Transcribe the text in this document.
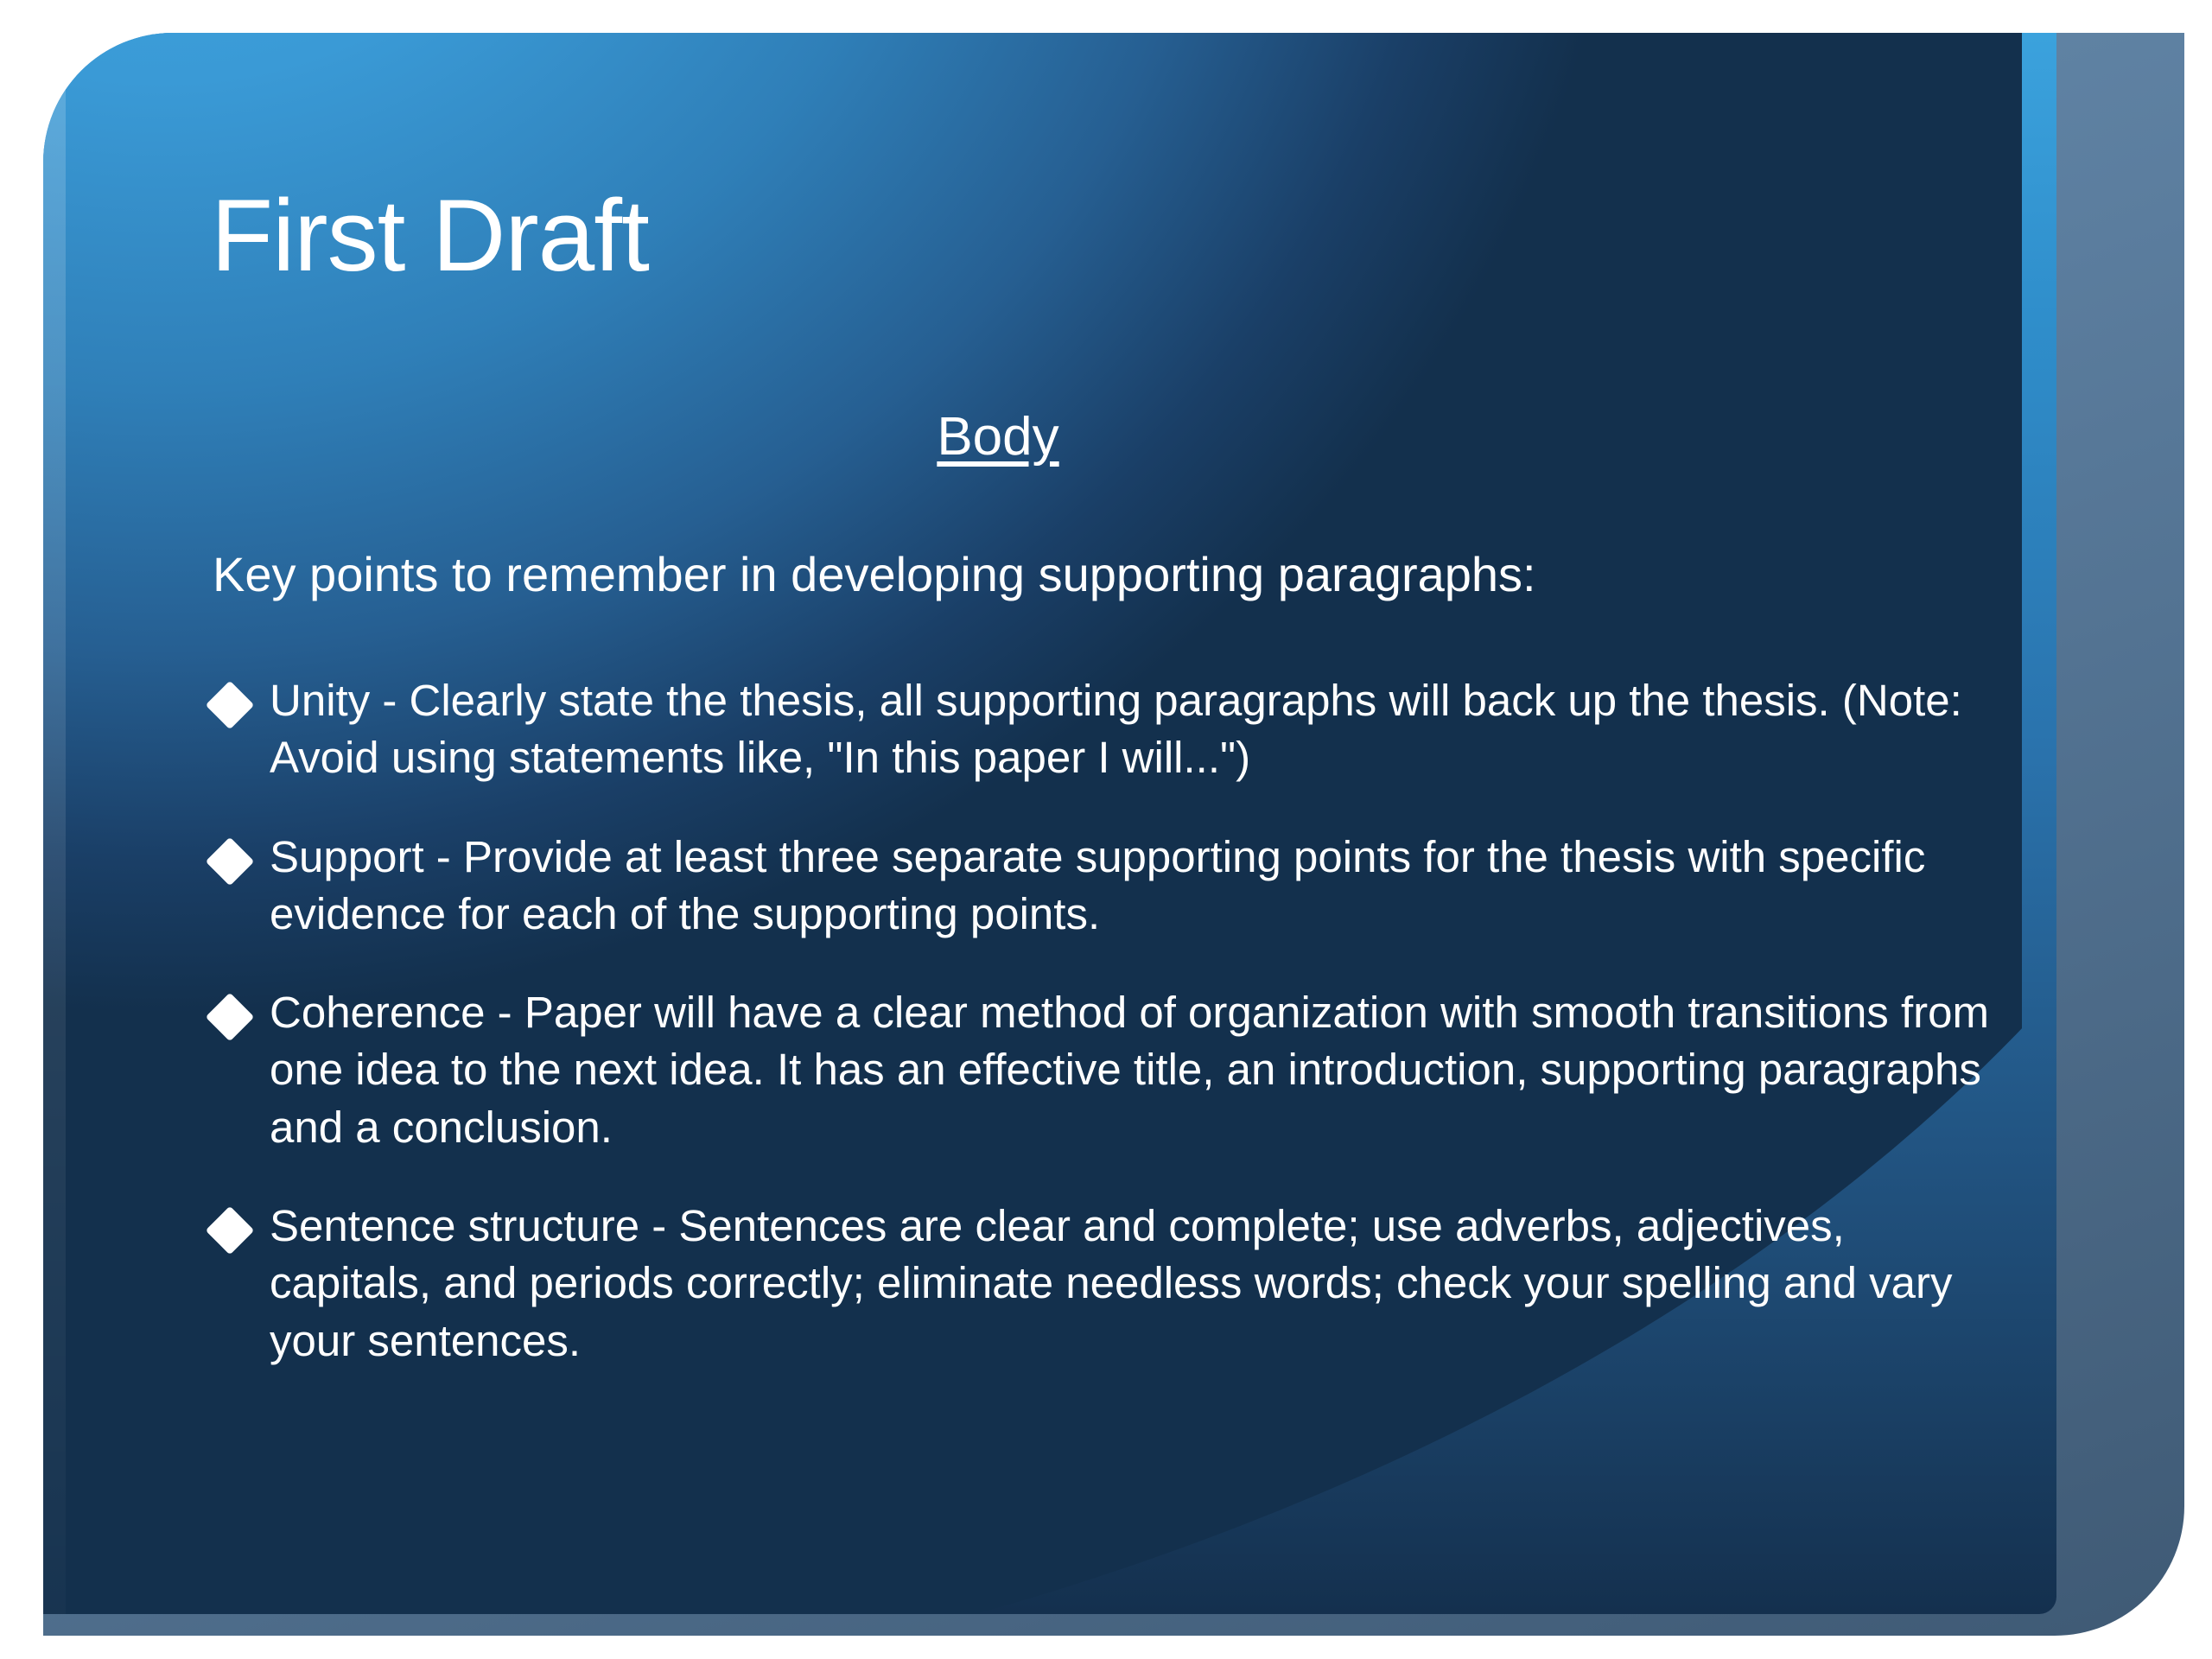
First Draft
Body
Key points to remember in developing supporting paragraphs:
Unity - Clearly state the thesis, all supporting paragraphs will back up the thesis. (Note: Avoid using statements like, "In this paper I will...")
Support - Provide at least three separate supporting points for the thesis with specific evidence for each of the supporting points.
Coherence - Paper will have a clear method of organization with smooth transitions from one idea to the next idea. It has an effective title, an introduction, supporting paragraphs and a conclusion.
Sentence structure - Sentences are clear and complete; use adverbs, adjectives, capitals, and periods correctly; eliminate needless words; check your spelling and vary your sentences.
